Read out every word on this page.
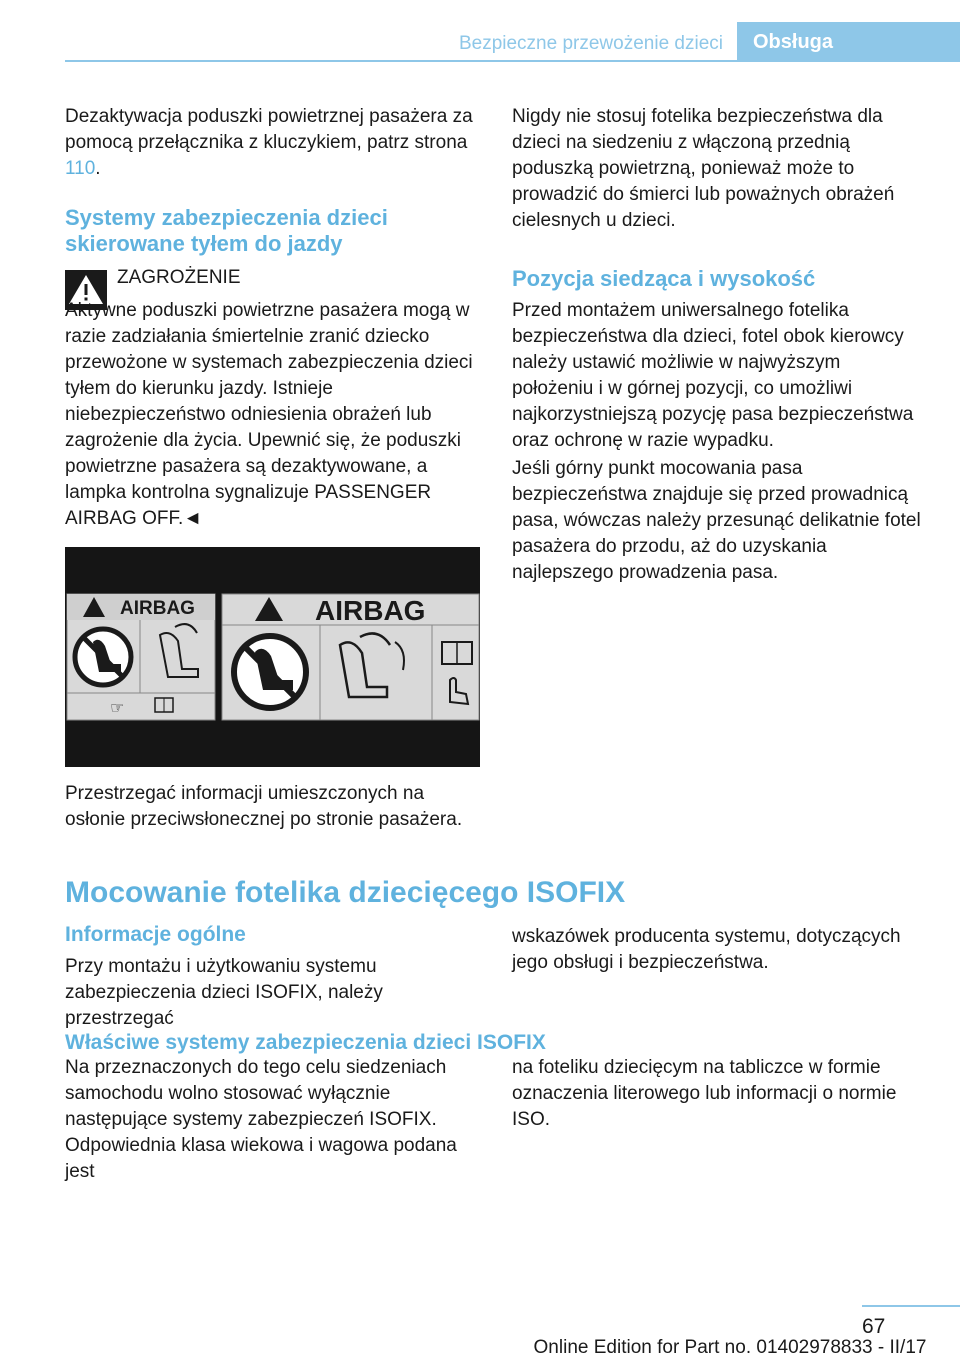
Bezpieczne przewożenie dzieci	Obsługa

Dezaktywacja poduszki powietrznej pasażera za pomocą przełącznika z kluczykiem, patrz strona 110.

Systemy zabezpieczenia dzieci skierowane tyłem do jazdy

ZAGROŻENIE

Aktywne poduszki powietrzne pasażera mogą w razie zadziałania śmiertelnie zranić dziecko przewożone w systemach zabezpieczenia dzieci tyłem do kierunku jazdy. Istnieje niebezpieczeństwo odniesienia obrażeń lub zagrożenie dla życia. Upewnić się, że poduszki powietrzne pasażera są dezaktywowane, a lampka kontrolna sygnalizuje PASSENGER AIRBAG OFF.◄

AIRBAG
☞
AIRBAG

Przestrzegać informacji umieszczonych na osłonie przeciwsłonecznej po stronie pasażera.

Nigdy nie stosuj fotelika bezpieczeństwa dla dzieci na siedzeniu z włączoną przednią poduszką powietrzną, ponieważ może to prowadzić do śmierci lub poważnych obrażeń cielesnych u dzieci.

Pozycja siedząca i wysokość

Przed montażem uniwersalnego fotelika bezpieczeństwa dla dzieci, fotel obok kierowcy należy ustawić możliwie w najwyższym położeniu i w górnej pozycji, co umożliwi najkorzystniejszą pozycję pasa bezpieczeństwa oraz ochronę w razie wypadku.

Jeśli górny punkt mocowania pasa bezpieczeństwa znajduje się przed prowadnicą pasa, wówczas należy przesunąć delikatnie fotel pasażera do przodu, aż do uzyskania najlepszego prowadzenia pasa.

Mocowanie fotelika dziecięcego ISOFIX
Informacje ogólne

Przy montażu i użytkowaniu systemu zabezpieczenia dzieci ISOFIX, należy przestrzegać

wskazówek producenta systemu, dotyczących jego obsługi i bezpieczeństwa.

Właściwe systemy zabezpieczenia dzieci ISOFIX

Na przeznaczonych do tego celu siedzeniach samochodu wolno stosować wyłącznie następujące systemy zabezpieczeń ISOFIX. Odpowiednia klasa wiekowa i wagowa podana jest

na foteliku dziecięcym na tabliczce w formie oznaczenia literowego lub informacji o normie ISO.

67
Online Edition for Part no. 01402978833 - II/17
